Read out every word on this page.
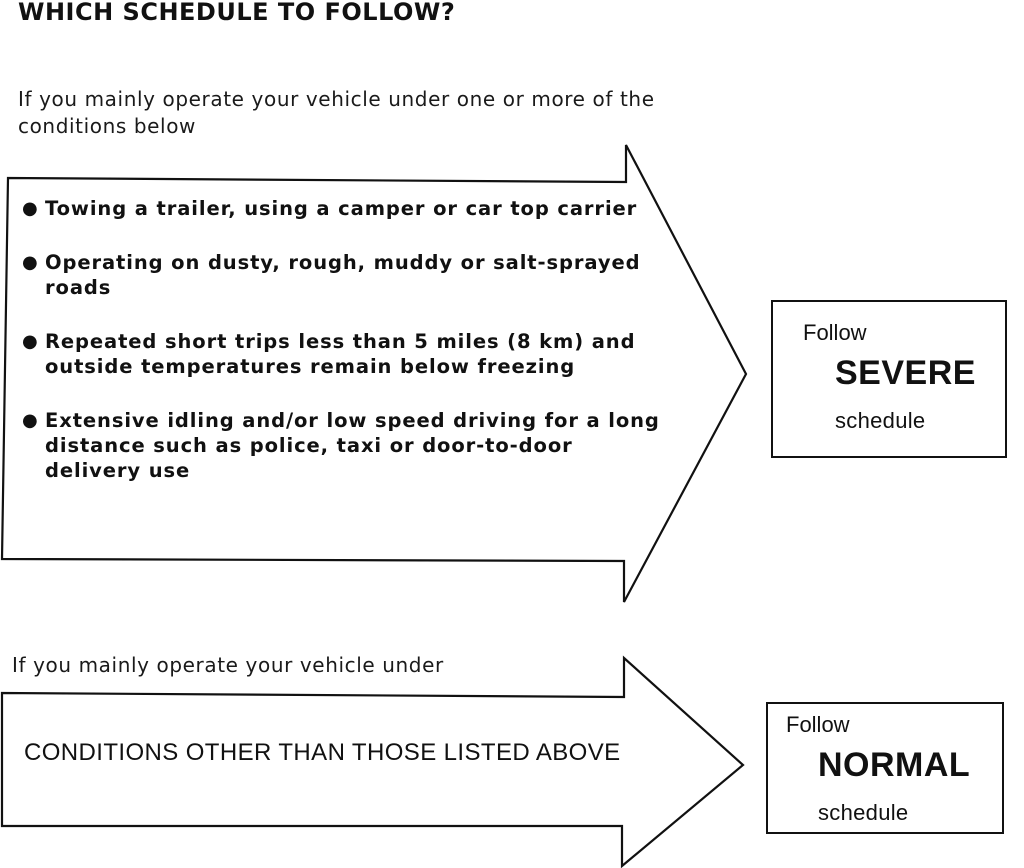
WHICH SCHEDULE TO FOLLOW?
If you mainly operate your vehicle under one or more of the conditions below
● Towing a trailer, using a camper or car top carrier
● Operating on dusty, rough, muddy or salt-sprayed roads
● Repeated short trips less than 5 miles (8 km) and outside temperatures remain below freezing
● Extensive idling and/or low speed driving for a long distance such as police, taxi or door-to-door delivery use
Follow
SEVERE
schedule
If you mainly operate your vehicle under
CONDITIONS OTHER THAN THOSE LISTED ABOVE
Follow
NORMAL
schedule
